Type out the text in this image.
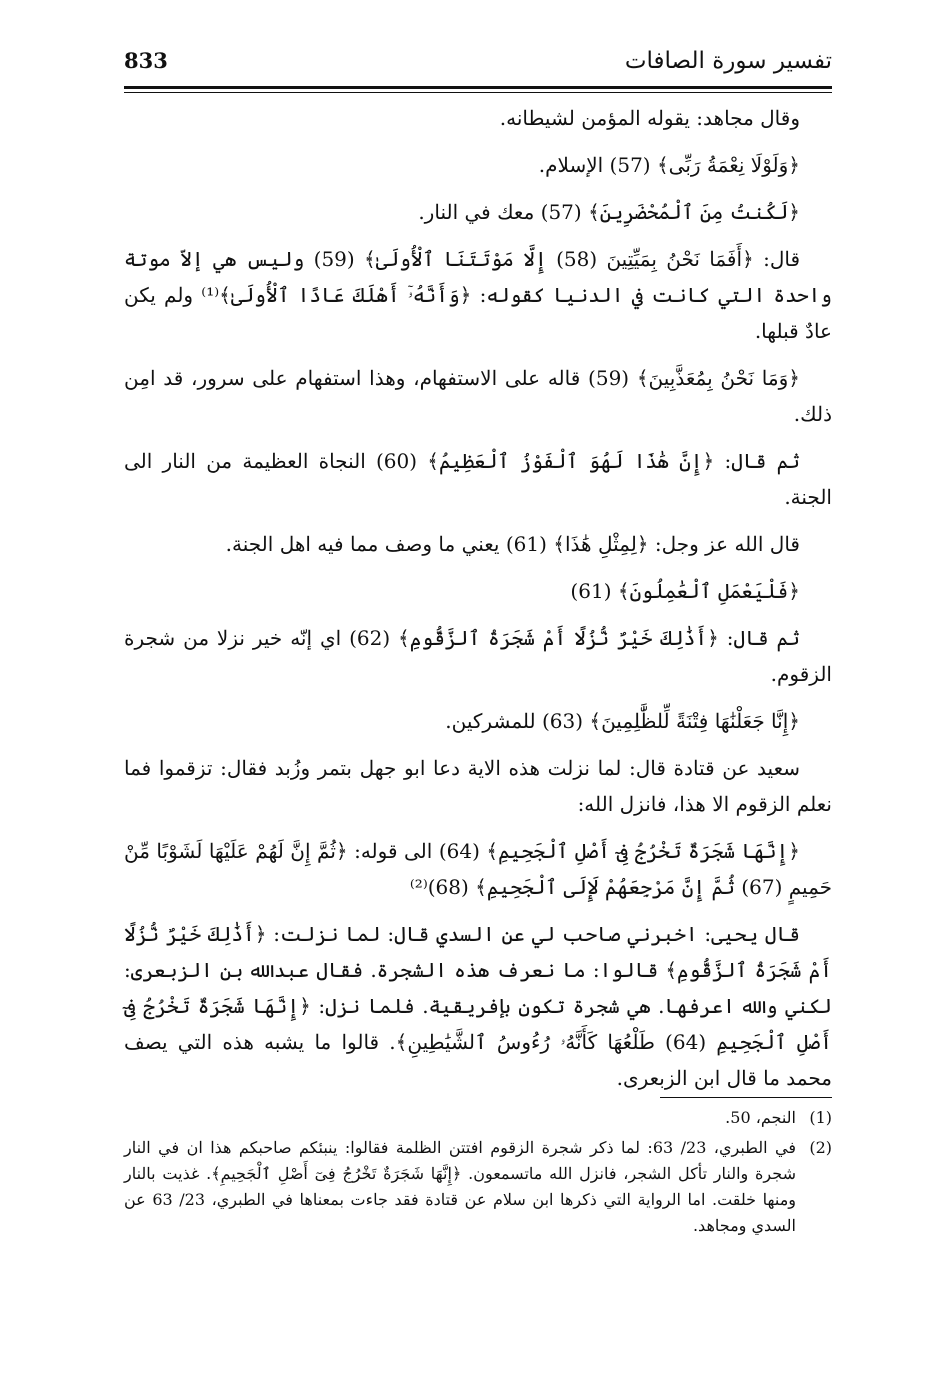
تفسير سورة الصافات
833

وقال مجاهد: يقوله المؤمن لشيطانه.

﴿وَلَوْلَا نِعْمَةُ رَبِّى﴾ (57) الإسلام.

﴿لَكُنتُ مِنَ ٱلْمُحْضَرِينَ﴾ (57) معك في النار.

قال: ﴿أَفَمَا نَحْنُ بِمَيِّتِينَ (58) إِلَّا مَوْتَتَنَا ٱلْأُولَىٰ﴾ (59) وليس هي إلاّ موتة واحدة التي كانت في الدنيا كقوله: ﴿وَأَنَّهُۥٓ أَهْلَكَ عَادًا ٱلْأُولَىٰ﴾⁽¹⁾ ولم يكن عادٌ قبلها.

﴿وَمَا نَحْنُ بِمُعَذَّبِينَ﴾ (59) قاله على الاستفهام، وهذا استفهام على سرور، قد امِن ذلك.

ثم قال: ﴿إِنَّ هَٰذَا لَهُوَ ٱلْفَوْزُ ٱلْعَظِيمُ﴾ (60) النجاة العظيمة من النار الى الجنة.

قال الله عز وجل: ﴿لِمِثْلِ هَٰذَا﴾ (61) يعني ما وصف مما فيه اهل الجنة.

﴿فَلْيَعْمَلِ ٱلْعَٰمِلُونَ﴾ (61)

ثم قال: ﴿أَذَٰلِكَ خَيْرٌ نُّزُلًا أَمْ شَجَرَةُ ٱلزَّقُّومِ﴾ (62) اي إنّه خير نزلا من شجرة الزقوم.

﴿إِنَّا جَعَلْنَٰهَا فِتْنَةً لِّلظَّٰلِمِينَ﴾ (63) للمشركين.

سعيد عن قتادة قال: لما نزلت هذه الاية دعا ابو جهل بتمر وزُبد فقال: تزقموا فما نعلم الزقوم الا هذا، فانزل الله:

﴿إِنَّهَا شَجَرَةٌ تَخْرُجُ فِىٓ أَصْلِ ٱلْجَحِيمِ﴾ (64) الى قوله: ﴿ثُمَّ إِنَّ لَهُمْ عَلَيْهَا لَشَوْبًا مِّنْ حَمِيمٍ (67) ثُمَّ إِنَّ مَرْجِعَهُمْ لَإِلَى ٱلْجَحِيمِ﴾ (68)⁽²⁾

قال يحيى: اخبرني صاحب لي عن السدي قال: لما نزلت: ﴿أَذَٰلِكَ خَيْرٌ نُّزُلًا أَمْ شَجَرَةُ ٱلزَّقُّومِ﴾ قالوا: ما نعرف هذه الشجرة. فقال عبدالله بن الزبعرى: لكني والله اعرفها. هي شجرة تكون بإفريقية. فلما نزل: ﴿إِنَّهَا شَجَرَةٌ تَخْرُجُ فِىٓ أَصْلِ ٱلْجَحِيمِ (64) طَلْعُهَا كَأَنَّهُۥ رُءُوسُ ٱلشَّيَٰطِينِ﴾. قالوا ما يشبه هذه التي يصف محمد ما قال ابن الزبعرى.

(1)
النجم، 50.
(2)
في الطبري، 23/ 63: لما ذكر شجرة الزقوم افتتن الظلمة فقالوا: ينبئكم صاحبكم هذا ان في النار شجرة والنار تأكل الشجر، فانزل الله ماتسمعون. ﴿إِنَّهَا شَجَرَةٌ تَخْرُجُ فِىٓ أَصْلِ ٱلْجَحِيمِ﴾. غذيت بالنار ومنها خلقت. اما الرواية التي ذكرها ابن سلام عن قتادة فقد جاءت بمعناها في الطبري، 23/ 63 عن السدي ومجاهد.
